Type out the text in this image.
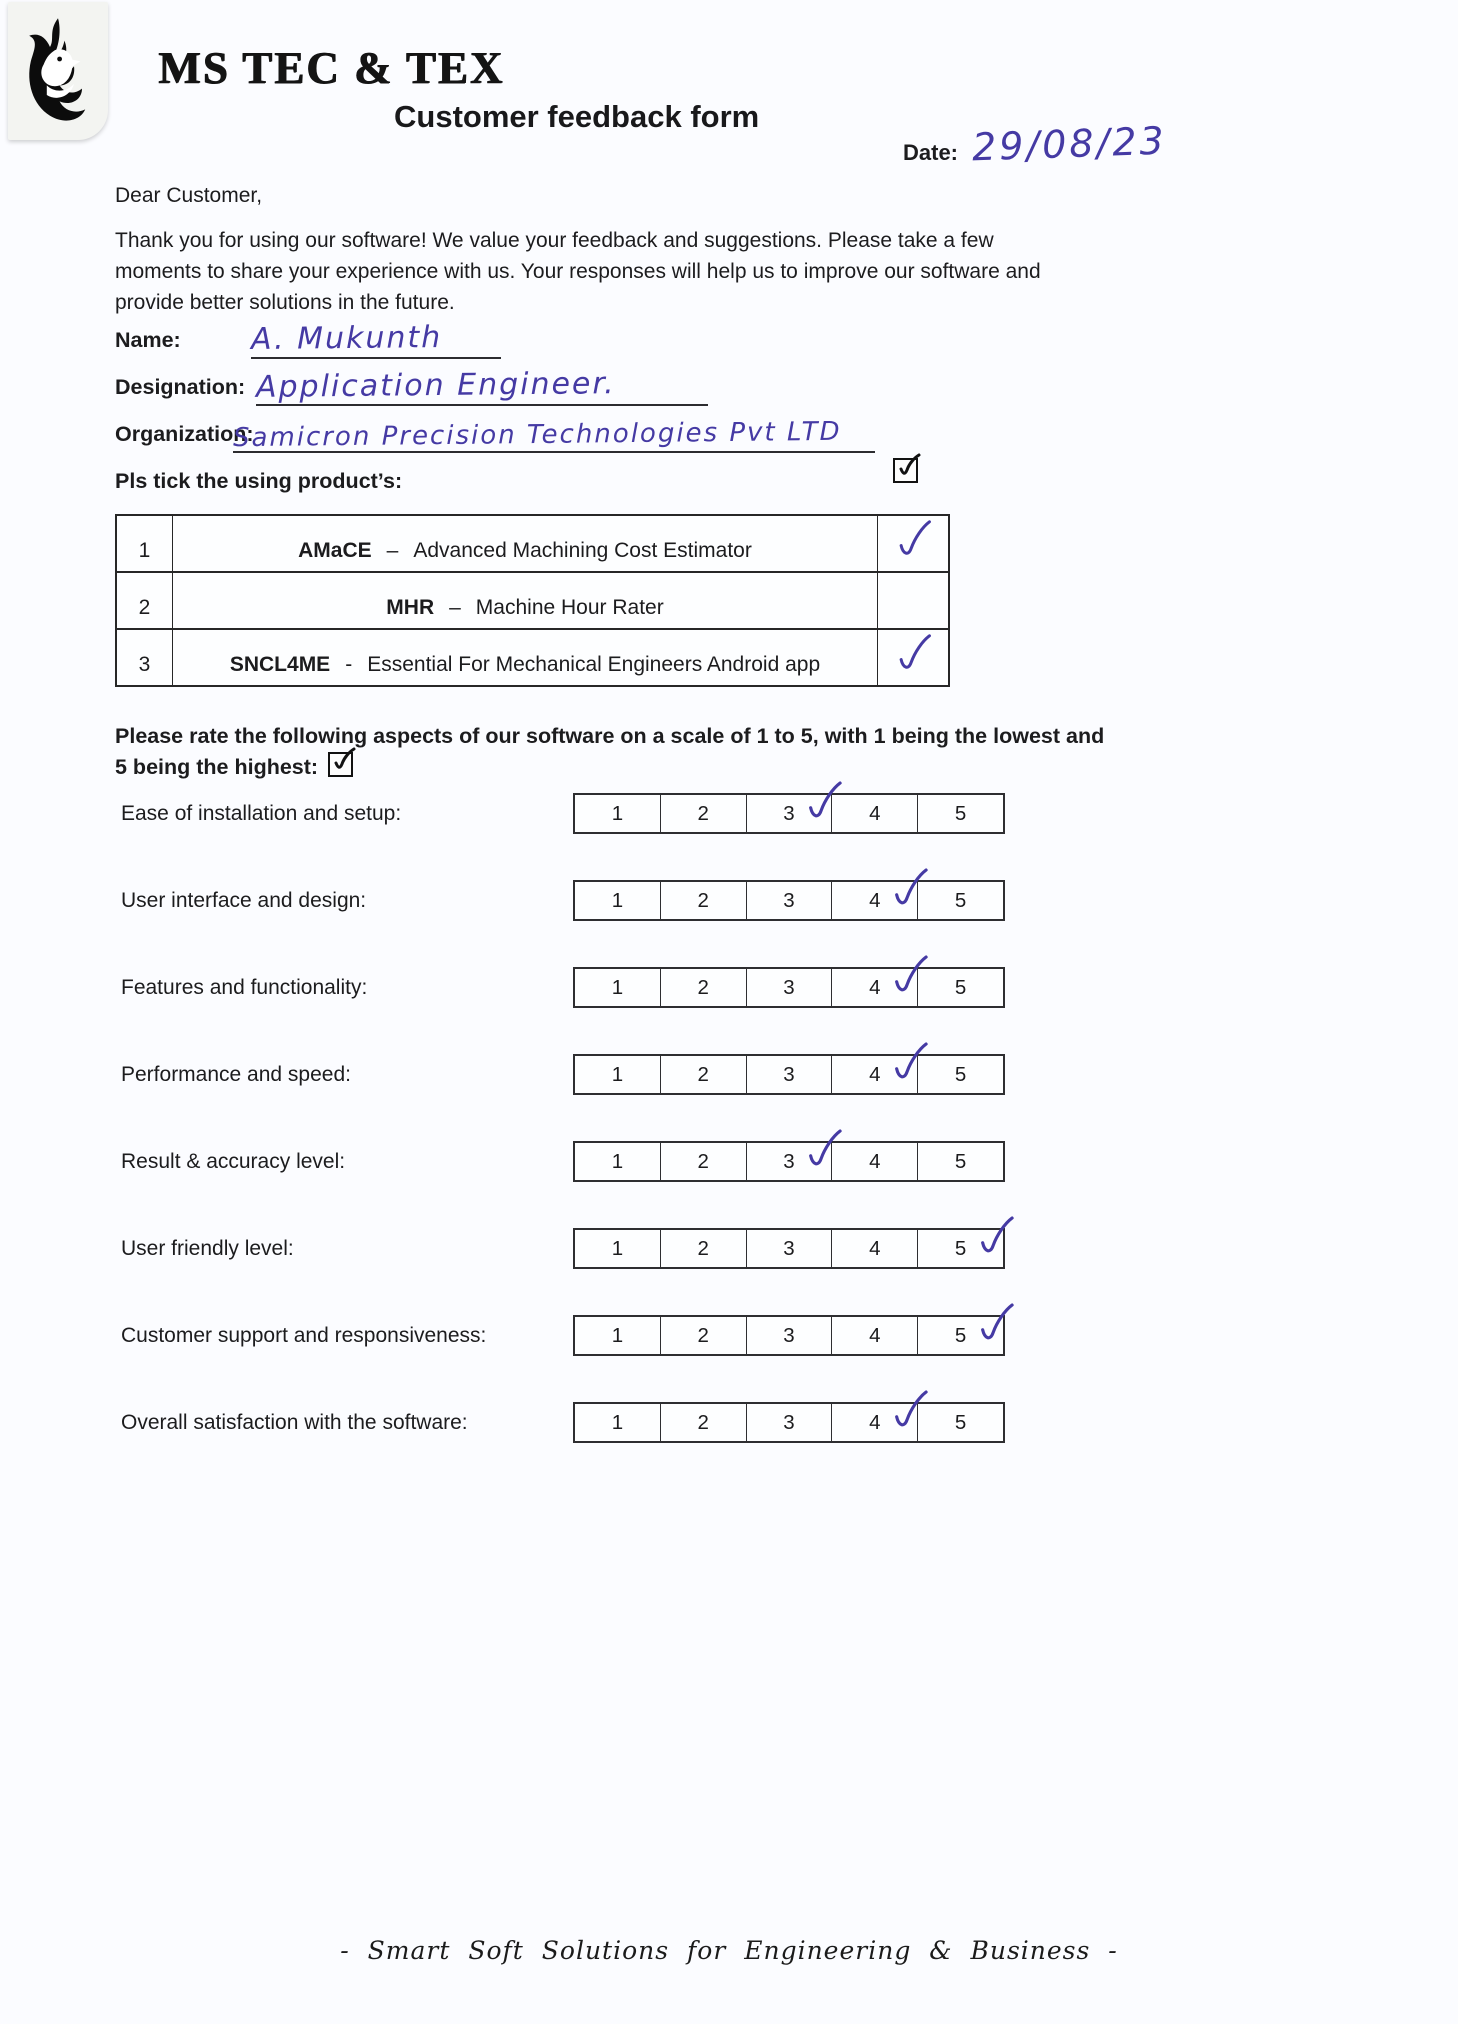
MS TEC & TEX
Customer feedback form
Date: 29/08/23
Dear Customer,
Thank you for using our software! We value your feedback and suggestions. Please take a few
moments to share your experience with us. Your responses will help us to improve our software and
provide better solutions in the future.
Name: A. Mukunth
Designation: Application Engineer.
Organization:
Samicron Precision Technologies Pvt LTD
Pls tick the using product’s:
1	AMaCE – Advanced Machining Cost Estimator
2	MHR – Machine Hour Rater
3	SNCL4ME - Essential For Mechanical Engineers Android app
Please rate the following aspects of our software on a scale of 1 to 5, with 1 being the lowest and
5 being the highest:
Ease of installation and setup:	1	2	3	4	5
User interface and design:	1	2	3	4	5
Features and functionality:	1	2	3	4	5
Performance and speed:	1	2	3	4	5
Result & accuracy level:	1	2	3	4	5
User friendly level:	1	2	3	4	5
Customer support and responsiveness:	1	2	3	4	5
Overall satisfaction with the software:	1	2	3	4	5
- Smart Soft Solutions for Engineering & Business -
